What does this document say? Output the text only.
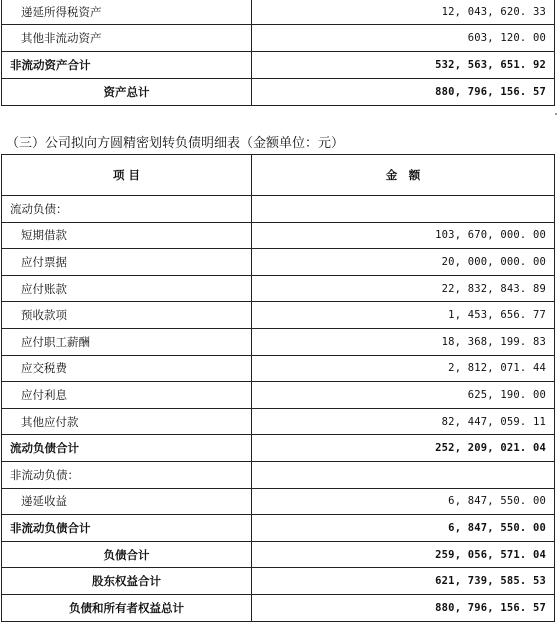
递延所得税资产	12, 043, 620. 33
其他非流动资产	603, 120. 00
非流动资产合计	532, 563, 651. 92
资产总计	880, 796, 156. 57
（三）公司拟向方圆精密划转负债明细表（金额单位：元）
项 目	金　额
流动负债：	
短期借款	103, 670, 000. 00
应付票据	20, 000, 000. 00
应付账款	22, 832, 843. 89
预收款项	1, 453, 656. 77
应付职工薪酬	18, 368, 199. 83
应交税费	2, 812, 071. 44
应付利息	625, 190. 00
其他应付款	82, 447, 059. 11
流动负债合计	252, 209, 021. 04
非流动负债：	
递延收益	6, 847, 550. 00
非流动负债合计	6, 847, 550. 00
负债合计	259, 056, 571. 04
股东权益合计	621, 739, 585. 53
负债和所有者权益总计	880, 796, 156. 57
